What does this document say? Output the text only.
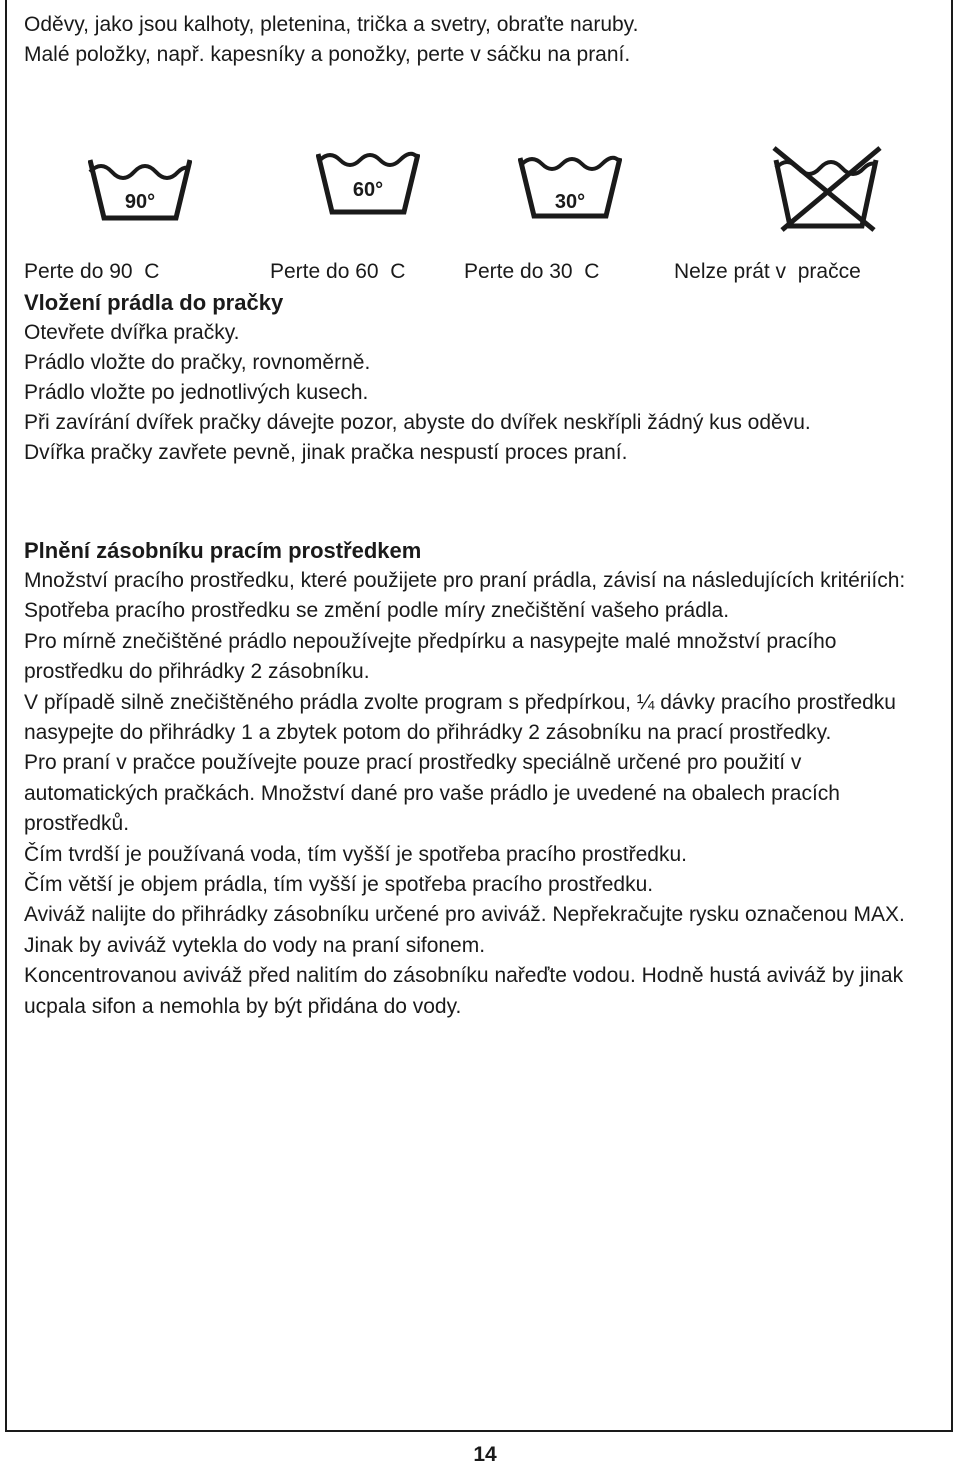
Oděvy, jako jsou kalhoty, pletenina, trička a svetry, obraťte naruby.

Malé položky, např. kapesníky a ponožky, perte v sáčku na praní.

90°
60°
30°
Perte do 90  C	Perte do 60  C	Perte do 30  C	Nelze prát v  pračce
Vložení prádla do pračky

Otevřete dvířka pračky.

Prádlo vložte do pračky, rovnoměrně.

Prádlo vložte po jednotlivých kusech.

Při zavírání dvířek pračky dávejte pozor, abyste do dvířek neskřípli žádný kus oděvu.

Dvířka pračky zavřete pevně, jinak pračka nespustí proces praní.

Plnění zásobníku pracím prostředkem

Množství pracího prostředku, které použijete pro praní prádla, závisí na následujících kritériích:

Spotřeba pracího prostředku se změní podle míry znečištění vašeho prádla.

Pro mírně znečištěné prádlo nepoužívejte předpírku a nasypejte malé množství pracího prostředku do přihrádky 2 zásobníku.

V případě silně znečištěného prádla zvolte program s předpírkou, ¼ dávky pracího prostředku nasypejte do přihrádky 1 a zbytek potom do přihrádky 2 zásobníku na prací prostředky.

Pro praní v pračce používejte pouze prací prostředky speciálně určené pro použití v automatických pračkách. Množství dané pro vaše prádlo je uvedené na obalech pracích prostředků.

Čím tvrdší je používaná voda, tím vyšší je spotřeba pracího prostředku.

Čím větší je objem prádla, tím vyšší je spotřeba pracího prostředku.

Aviváž nalijte do přihrádky zásobníku určené pro aviváž. Nepřekračujte rysku označenou MAX. Jinak by aviváž vytekla do vody na praní sifonem.

Koncentrovanou aviváž před nalitím do zásobníku nařeďte vodou. Hodně hustá aviváž by jinak ucpala sifon a nemohla by být přidána do vody.

14
